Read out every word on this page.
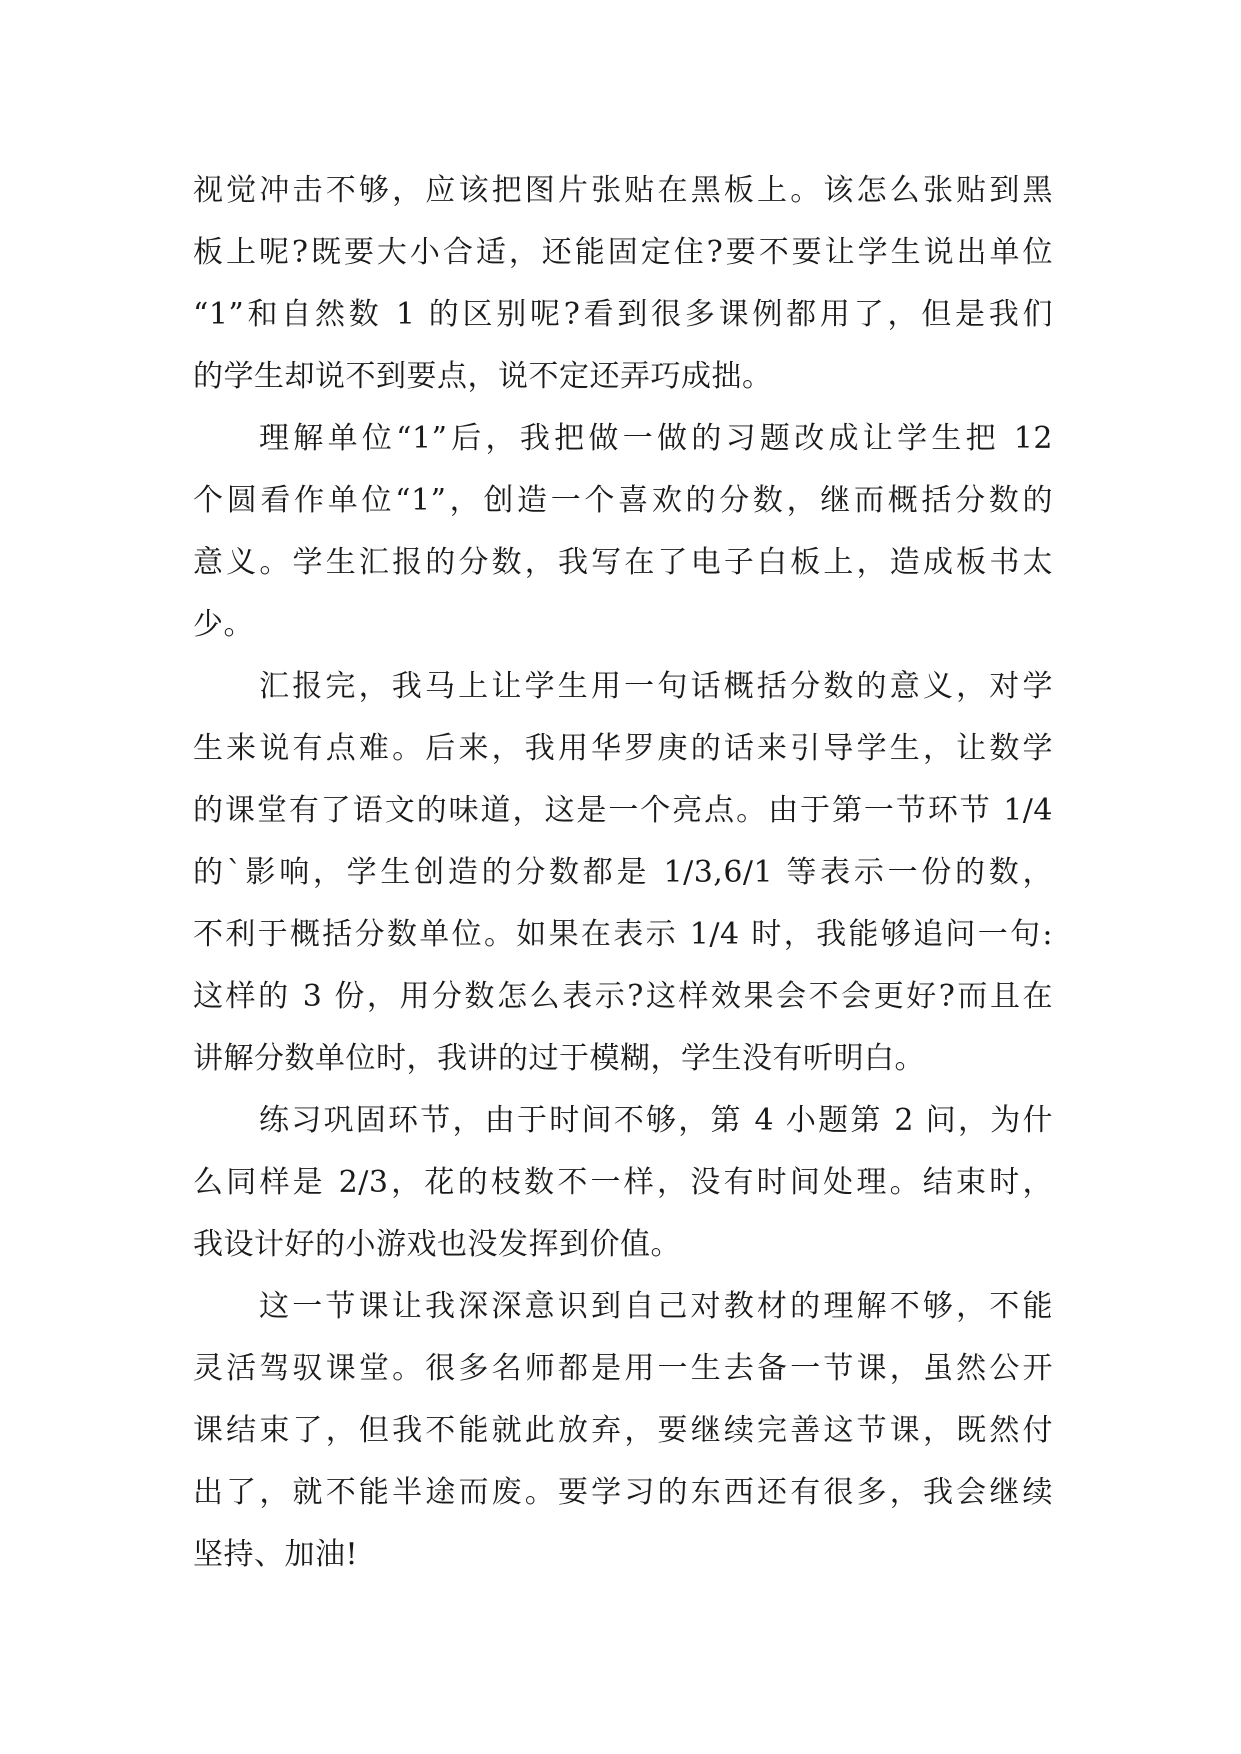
视觉冲击不够，应该把图片张贴在黑板上。该怎么张贴到黑
板上呢?既要大小合适，还能固定住?要不要让学生说出单位
“1”和自然数 1 的区别呢?看到很多课例都用了，但是我们
的学生却说不到要点，说不定还弄巧成拙。
理解单位“1”后，我把做一做的习题改成让学生把 12
个圆看作单位“1”，创造一个喜欢的分数，继而概括分数的
意义。学生汇报的分数，我写在了电子白板上，造成板书太
少。
汇报完，我马上让学生用一句话概括分数的意义，对学
生来说有点难。后来，我用华罗庚的话来引导学生，让数学
的课堂有了语文的味道，这是一个亮点。由于第一节环节 1/4
的`影响，学生创造的分数都是 1/3,6/1 等表示一份的数，
不利于概括分数单位。如果在表示 1/4 时，我能够追问一句:
这样的 3 份，用分数怎么表示?这样效果会不会更好?而且在
讲解分数单位时，我讲的过于模糊，学生没有听明白。
练习巩固环节，由于时间不够，第 4 小题第 2 问，为什
么同样是 2/3，花的枝数不一样，没有时间处理。结束时，
我设计好的小游戏也没发挥到价值。
这一节课让我深深意识到自己对教材的理解不够，不能
灵活驾驭课堂。很多名师都是用一生去备一节课，虽然公开
课结束了，但我不能就此放弃，要继续完善这节课，既然付
出了，就不能半途而废。要学习的东西还有很多，我会继续
坚持、加油!
